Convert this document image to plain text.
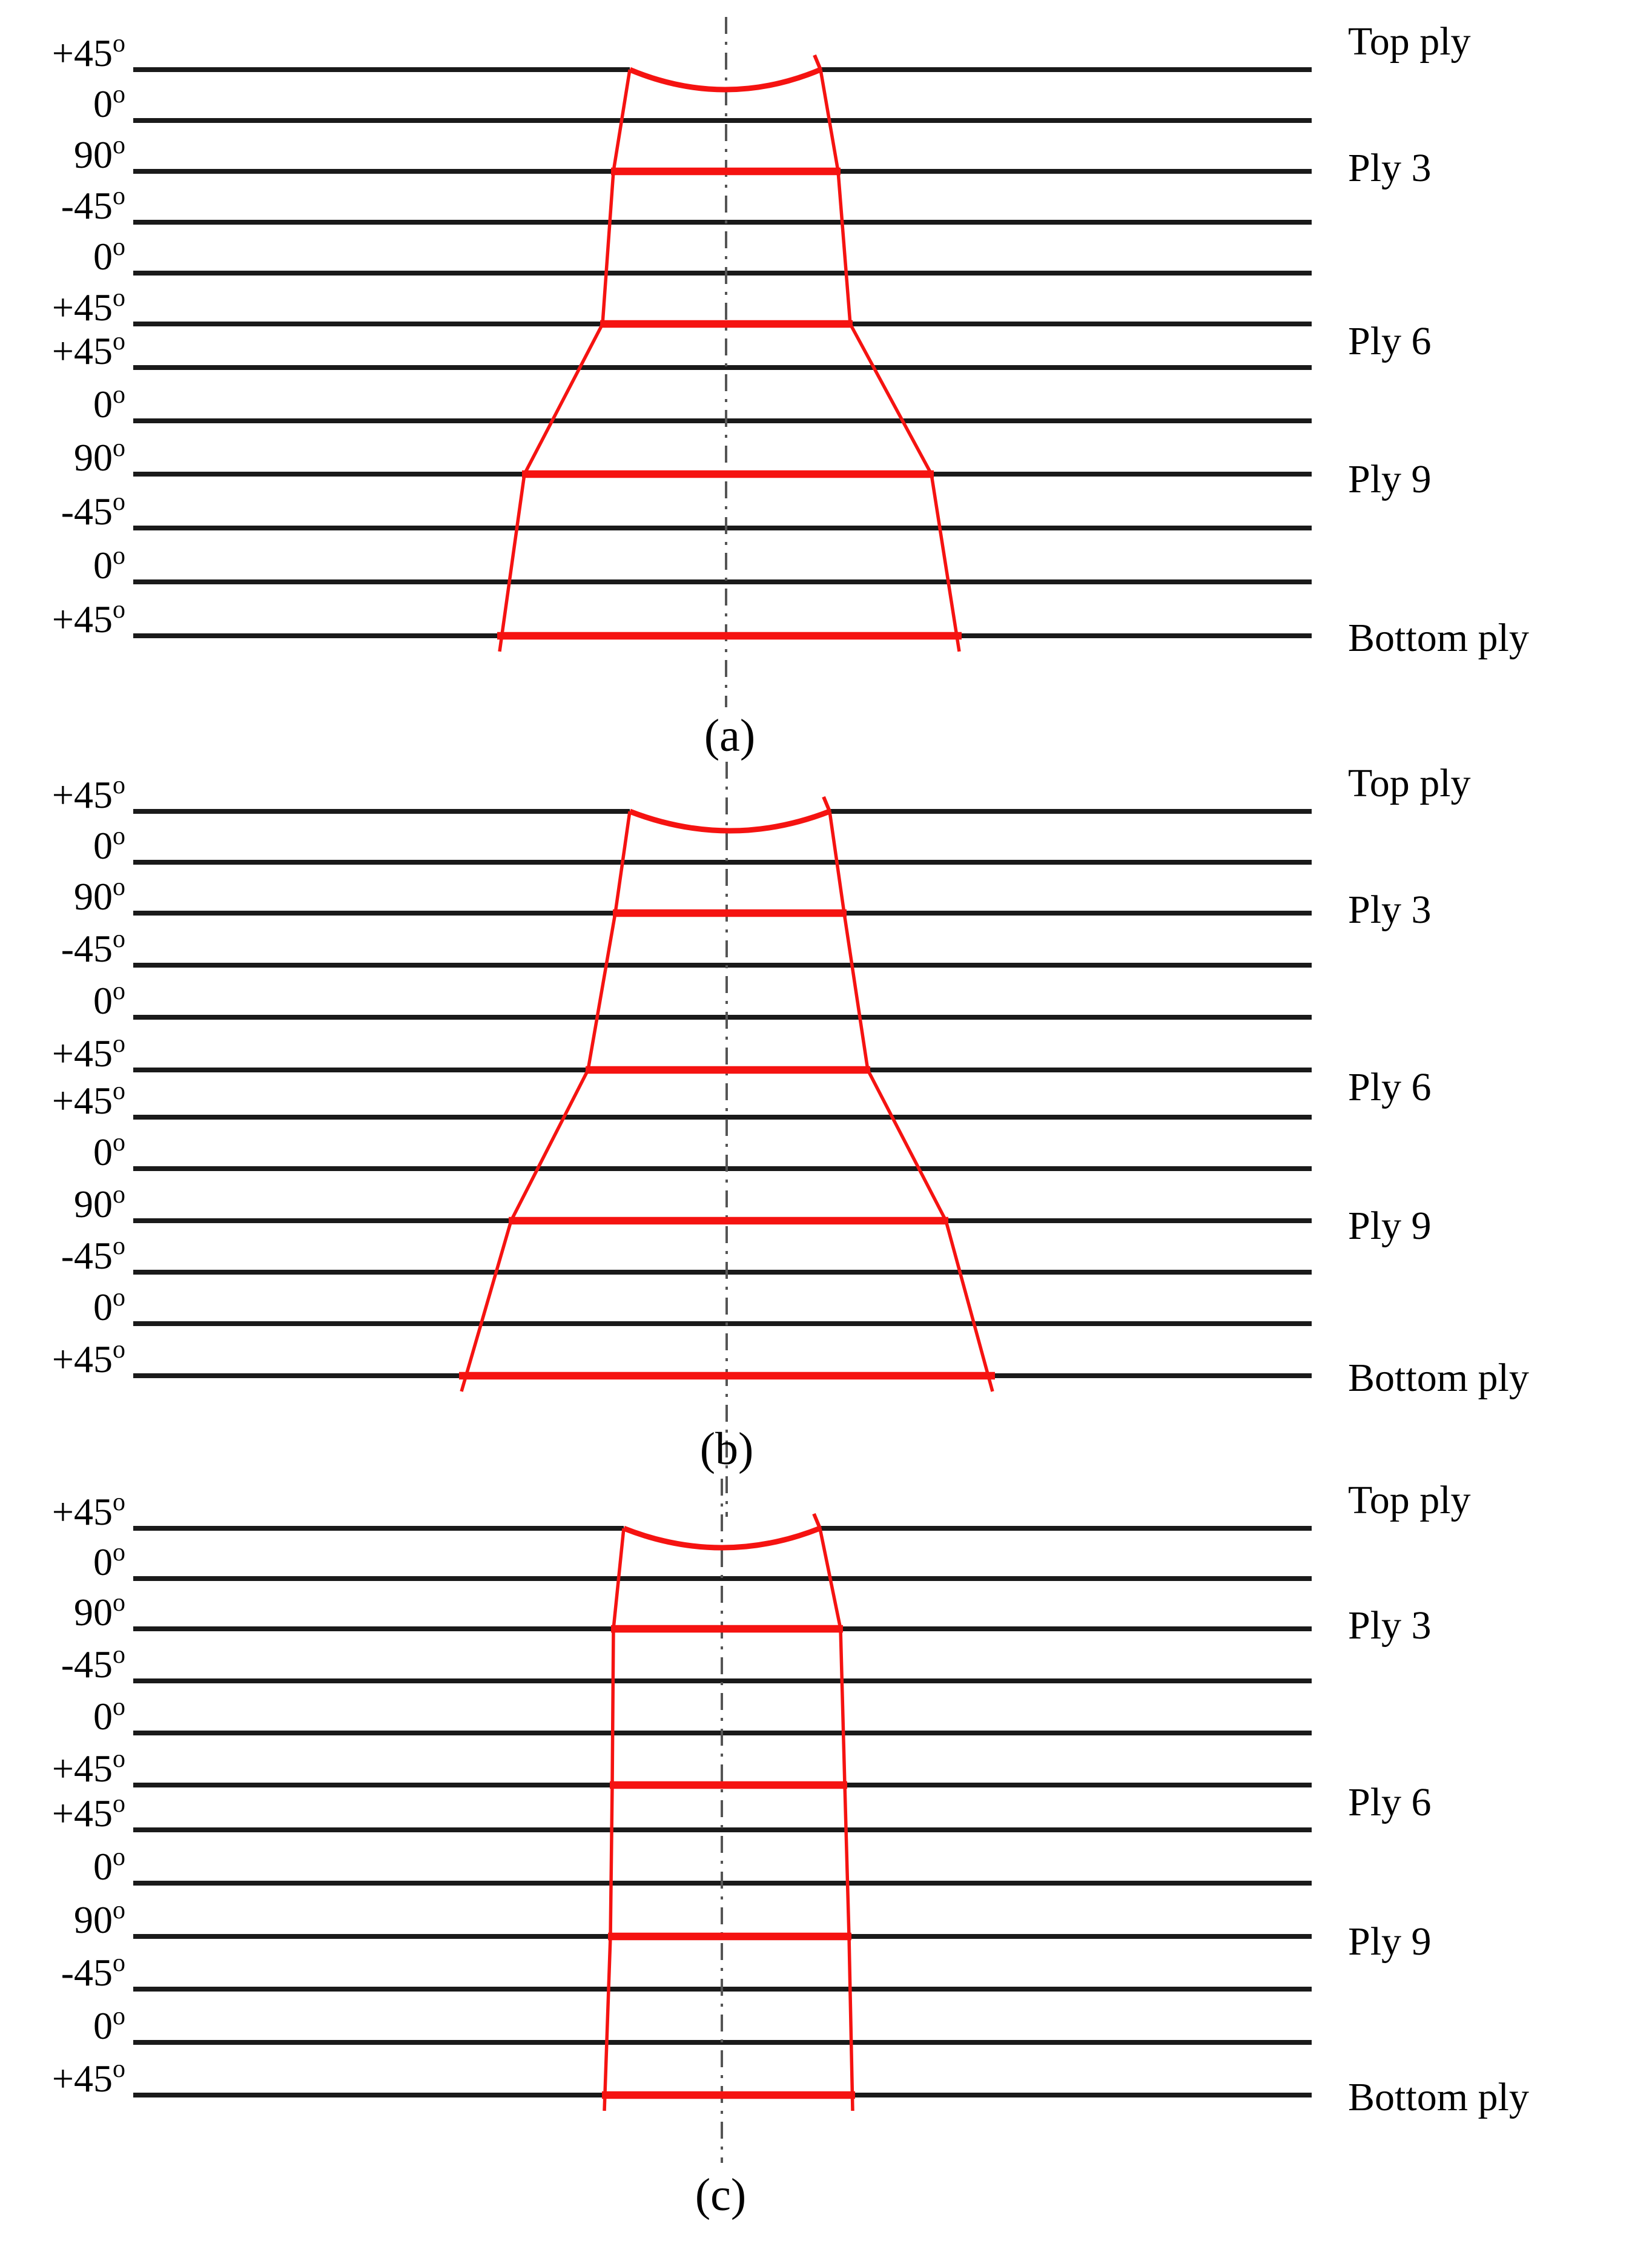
$+45^o$
0$^o$
90$^o$
-45$^o$
$0^o$
$+45^o$
$+45^o$
0$^o$
90$^o$
-45$^o$
$0^o$
$+45^o$
Top ply
Ply 3
Ply 6
Ply 9
Bottom ply
(a)
$+45^o$
0$^o$
90$^o$
-45$^o$
$0^o$
$+45^o$
$+45^o$
0$^o$
90$^o$
-45$^o$
$0^o$
$+45^o$
Top ply
Ply 3
Ply 6
Ply 9
Bottom ply
(b)
$+45^o$
0$^o$
90$^o$
-45$^o$
$0^o$
$+45^o$
$+45^o$
0$^o$
90$^o$
-45$^o$
$0^o$
$+45^o$
Top ply
Ply 3
Ply 6
Ply 9
Bottom ply
(c)
